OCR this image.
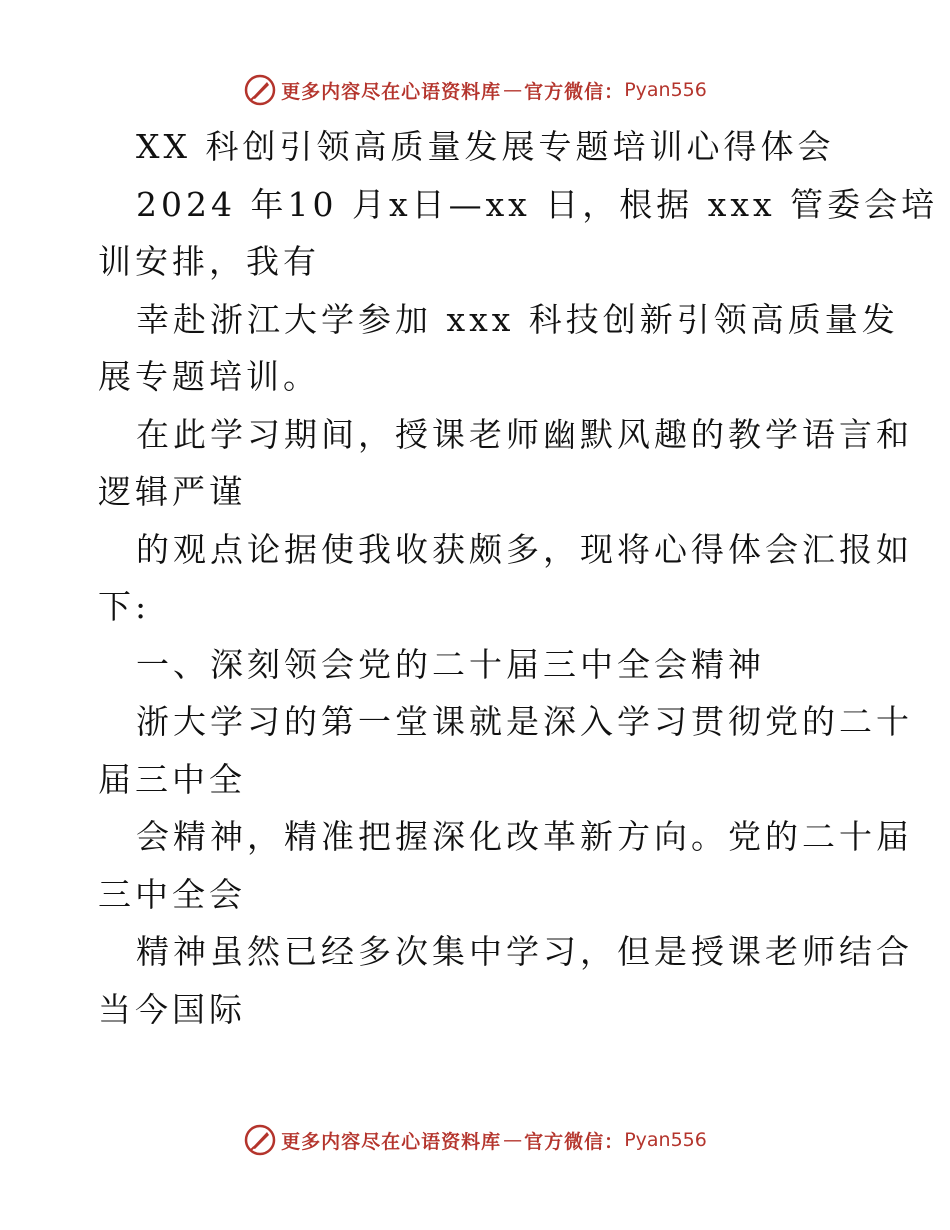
更多内容尽在心语资料库 — 官方微信： Pyan556

XX 科创引领高质量发展专题培训心得体会

2024 年10 月x日—xx 日，根据 xxx 管委会培

训安排，我有

幸赴浙江大学参加 xxx 科技创新引领高质量发

展专题培训。

在此学习期间，授课老师幽默风趣的教学语言和

逻辑严谨

的观点论据使我收获颇多，现将心得体会汇报如

下:

一、深刻领会党的二十届三中全会精神

浙大学习的第一堂课就是深入学习贯彻党的二十

届三中全

会精神，精准把握深化改革新方向。党的二十届

三中全会

精神虽然已经多次集中学习，但是授课老师结合

当今国际

更多内容尽在心语资料库 — 官方微信： Pyan556
